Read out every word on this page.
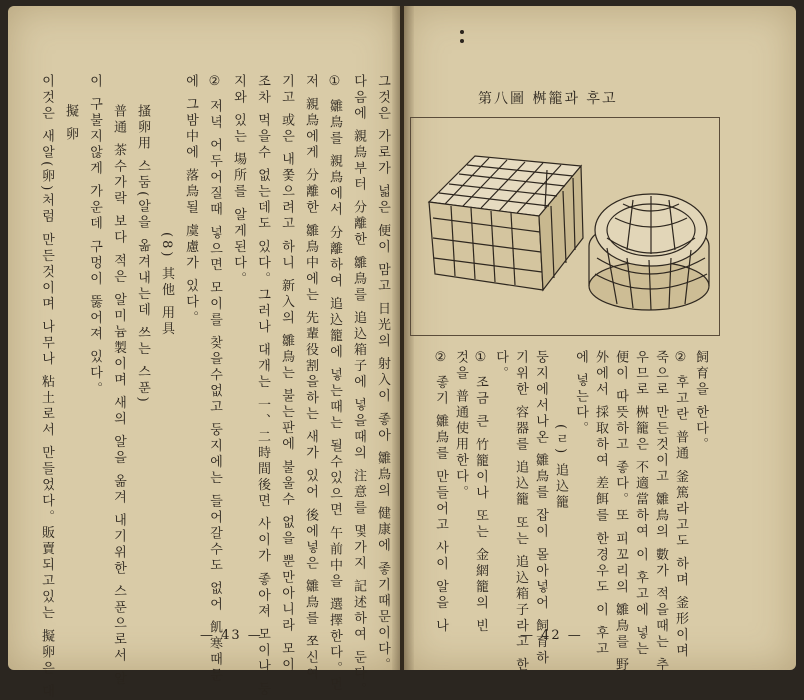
그것은 가로가 넓은 便이 맘고 日光의 射入이 좋아 雛鳥의 健康에 좋기때문이다。
다음에 親鳥부터 分離한 雛鳥를 追込箱子에 넣을때의 注意를 몇가지 記述하여 둔다。
① 雛鳥를 親鳥에서 分離하여 追込籠에 넣는때는 될수있으면 午前中을 選擇한다。먼
저 親鳥에게 分離한 雛鳥中에는 先輩役割을하는 새가 있어 後에넣은 雛鳥를 쪼신여
기고 或은 내쫓으려고 하니 新入의 雛鳥는 불는판에 불울수 없을 뿐만아니라 모이
조차 먹을수 없는데도 있다。그러나 대개는 一、二時間後면 사이가 좋아져 모이나 둥
지와 있는 場所를 알게된다。
② 저녁 어두어질때 넣으면 모이를 찾을수없고 둥지에는 들어갈수도 없어 飢寒때문
에 그밤中에 落鳥될 虞慮가 있다。
(8) 其他 用具
搔卵用 스둠(알을 옮겨내는데 쓰는 스푼)
普通 茶수가락 보다 적은 알미늄製이며 새의 알을 옮겨 내기위한 스푼으로서 알
이 구불지않게 가운데 구멍이 뚫어져 있다。
擬 卵
이것은 새알(卵)처럼 만든것이며 나무나 粘土로서 만들었다。販賣되고있는 擬卵은 대	— 43 —
第八圖 桝籠과 후고
飼育을 한다。
② 후고란 普通 釜篤라고도 하며 釜形이며
죽으로 만든것이고 雛鳥의 數가 적을때는 추
우므로 桝籠은 不適當하여 이 후고에 넣는
便이 따뜻하고 좋다。또 피꼬리의 雛鳥를 野
外에서 採取하여 差餌를 한경우도 이 후고
에 넣는다。
(ㄹ) 追込籠
둥지에서나온 雛鳥를 잡이 몰아넣어 飼育하
기위한 容器를 追込籠 또는 追込箱子라고 한
다。
① 조금 큰 竹籠이나 또는 金網籠의 빈
것을 普通使用한다。
— 42 —
② 좋기 雛鳥를 만들어고 사이 알을 나
